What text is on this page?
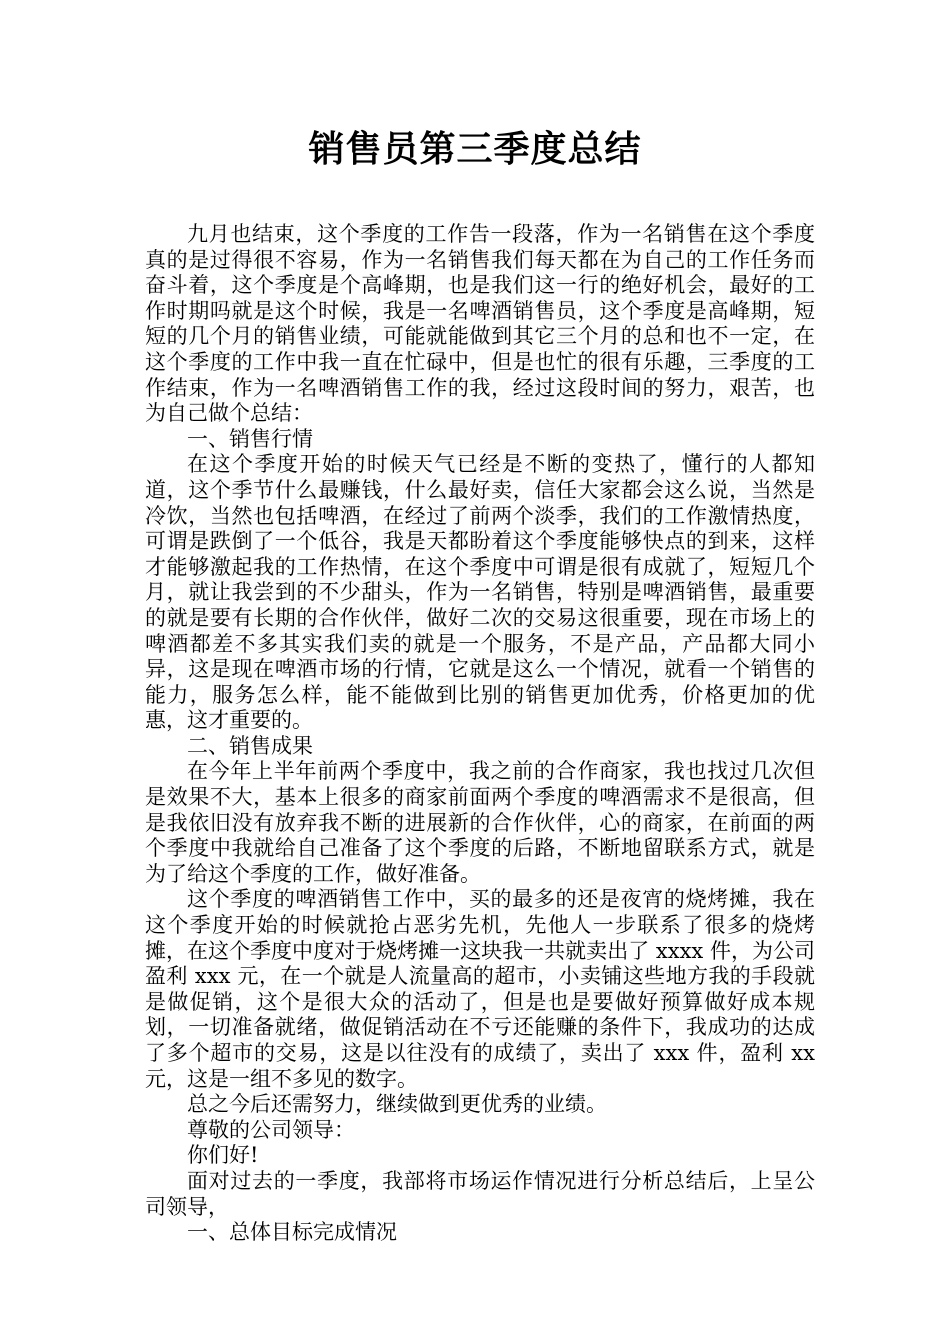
销售员第三季度总结

九月也结束，这个季度的工作告一段落，作为一名销售在这个季度真的是过得很不容易，作为一名销售我们每天都在为自己的工作任务而奋斗着，这个季度是个高峰期，也是我们这一行的绝好机会，最好的工作时期吗就是这个时候，我是一名啤酒销售员，这个季度是高峰期，短短的几个月的销售业绩，可能就能做到其它三个月的总和也不一定，在这个季度的工作中我一直在忙碌中，但是也忙的很有乐趣，三季度的工作结束，作为一名啤酒销售工作的我，经过这段时间的努力，艰苦，也为自己做个总结：

一、销售行情

在这个季度开始的时候天气已经是不断的变热了，懂行的人都知道，这个季节什么最赚钱，什么最好卖，信任大家都会这么说，当然是冷饮，当然也包括啤酒，在经过了前两个淡季，我们的工作激情热度，可谓是跌倒了一个低谷，我是天都盼着这个季度能够快点的到来，这样才能够激起我的工作热情，在这个季度中可谓是很有成就了，短短几个月，就让我尝到的不少甜头，作为一名销售，特别是啤酒销售，最重要的就是要有长期的合作伙伴，做好二次的交易这很重要，现在市场上的啤酒都差不多其实我们卖的就是一个服务，不是产品，产品都大同小异，这是现在啤酒市场的行情，它就是这么一个情况，就看一个销售的能力，服务怎么样，能不能做到比别的销售更加优秀，价格更加的优惠，这才重要的。

二、销售成果

在今年上半年前两个季度中，我之前的合作商家，我也找过几次但是效果不大，基本上很多的商家前面两个季度的啤酒需求不是很高，但是我依旧没有放弃我不断的进展新的合作伙伴，心的商家，在前面的两个季度中我就给自己准备了这个季度的后路，不断地留联系方式，就是为了给这个季度的工作，做好准备。

这个季度的啤酒销售工作中，买的最多的还是夜宵的烧烤摊，我在这个季度开始的时候就抢占恶劣先机，先他人一步联系了很多的烧烤摊，在这个季度中度对于烧烤摊一这块我一共就卖出了 xxxx 件，为公司盈利 xxx 元，在一个就是人流量高的超市，小卖铺这些地方我的手段就是做促销，这个是很大众的活动了，但是也是要做好预算做好成本规划，一切准备就绪，做促销活动在不亏还能赚的条件下，我成功的达成了多个超市的交易，这是以往没有的成绩了，卖出了 xxx 件，盈利 xx 元，这是一组不多见的数字。

总之今后还需努力，继续做到更优秀的业绩。

尊敬的公司领导：

你们好!

面对过去的一季度，我部将市场运作情况进行分析总结后，上呈公司领导，

一、总体目标完成情况
